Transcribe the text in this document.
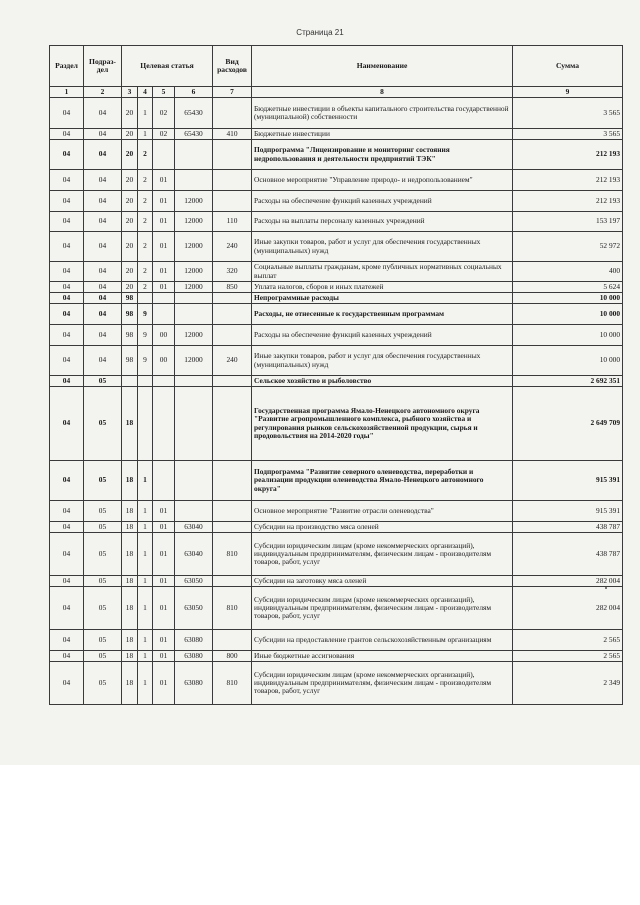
Страница 21
Раздел	Подраз-дел	Целевая статья				Вид расходов	Наименование	Сумма
1	2	3	4	5	6	7	8	9
04	04	20	1	02	65430		Бюджетные инвестиции в объекты капитального строительства государственной (муниципальной) собственности	3 565
04	04	20	1	02	65430	410	Бюджетные инвестиции	3 565
04	04	20	2				Подпрограмма "Лицензирование и мониторинг состояния недропользования и деятельности предприятий ТЭК"	212 193
04	04	20	2	01			Основное мероприятие "Управление природо- и недропользованием"	212 193
04	04	20	2	01	12000		Расходы на обеспечение функций казенных учреждений	212 193
04	04	20	2	01	12000	110	Расходы на выплаты персоналу казенных учреждений	153 197
04	04	20	2	01	12000	240	Иные закупки товаров, работ и услуг для обеспечения государственных (муниципальных) нужд	52 972
04	04	20	2	01	12000	320	Социальные выплаты гражданам, кроме публичных нормативных социальных выплат	400
04	04	20	2	01	12000	850	Уплата налогов, сборов и иных платежей	5 624
04	04	98					Непрограммные расходы	10 000
04	04	98	9				Расходы, не отнесенные к государственным программам	10 000
04	04	98	9	00	12000		Расходы на обеспечение функций казенных учреждений	10 000
04	04	98	9	00	12000	240	Иные закупки товаров, работ и услуг для обеспечения государственных (муниципальных) нужд	10 000
04	05						Сельское хозяйство и рыболовство	2 692 351
04	05	18					Государственная программа Ямало-Ненецкого автономного округа "Развитие агропромышленного комплекса, рыбного хозяйства и регулирования рынков сельскохозяйственной продукции, сырья и продовольствия на 2014-2020 годы"	2 649 709
04	05	18	1				Подпрограмма "Развитие северного оленеводства, переработки и реализации продукции оленеводства Ямало-Ненецкого автономного округа"	915 391
04	05	18	1	01			Основное мероприятие "Развитие отрасли оленеводства"	915 391
04	05	18	1	01	63040		Субсидии на производство мяса оленей	438 787
04	05	18	1	01	63040	810	Субсидии юридическим лицам (кроме некоммерческих организаций), индивидуальным предпринимателям, физическим лицам - производителям товаров, работ, услуг	438 787
04	05	18	1	01	63050		Субсидии на заготовку мяса оленей	282 004
04	05	18	1	01	63050	810	Субсидии юридическим лицам (кроме некоммерческих организаций), индивидуальным предпринимателям, физическим лицам - производителям товаров, работ, услуг	282 004
04	05	18	1	01	63080		Субсидии на предоставление грантов сельскохозяйственным организациям	2 565
04	05	18	1	01	63080	800	Иные бюджетные ассигнования	2 565
04	05	18	1	01	63080	810	Субсидии юридическим лицам (кроме некоммерческих организаций), индивидуальным предпринимателям, физическим лицам - производителям товаров, работ, услуг	2 349
